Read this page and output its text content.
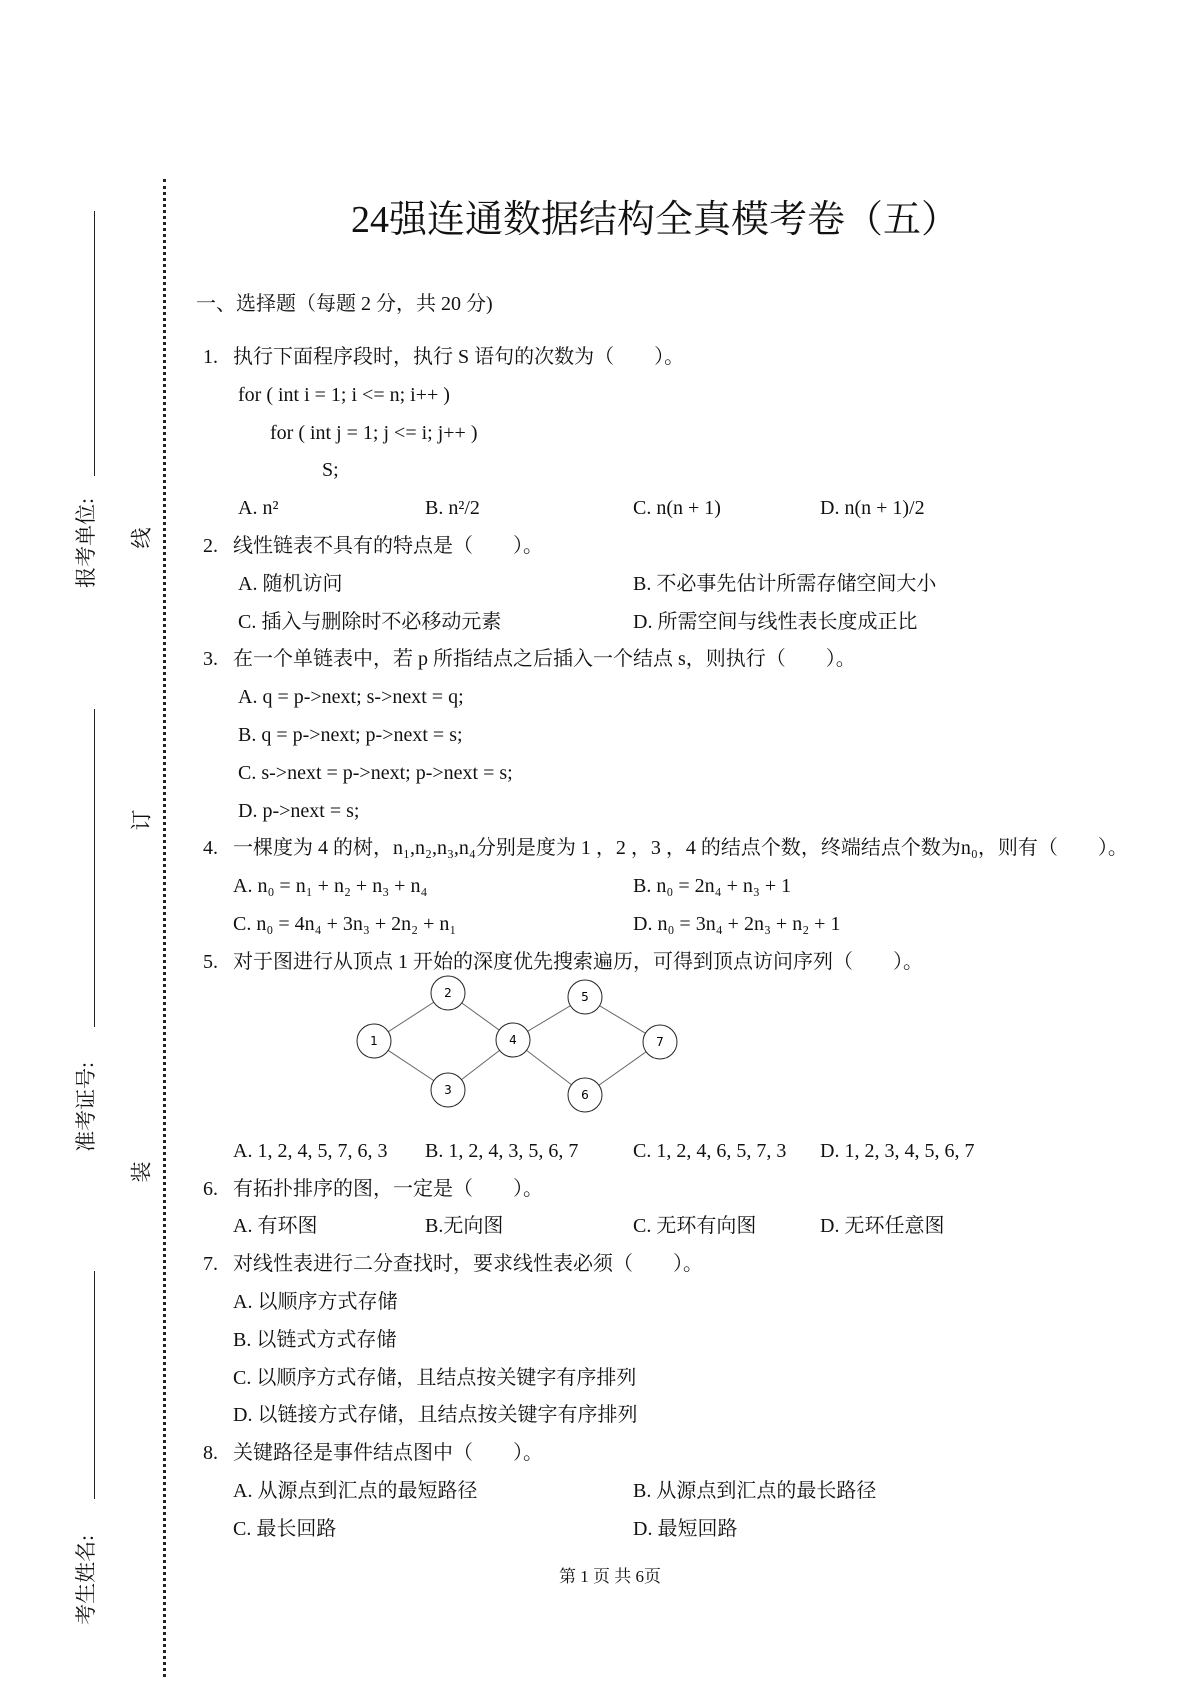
报考单位:
准考证号:
考生姓名:
线
订
装
24强连通数据结构全真模考卷（五）
一、选择题（每题 2 分，共 20 分)
1. 执行下面程序段时，执行 S 语句的次数为（　　）。
for ( int i = 1; i <= n; i++ )
for ( int j = 1; j <= i; j++ )
S;
A. n²	B. n²/2	C. n(n + 1)	D. n(n + 1)/2
2. 线性链表不具有的特点是（　　）。
A. 随机访问	B. 不必事先估计所需存储空间大小
C. 插入与删除时不必移动元素	D. 所需空间与线性表长度成正比
3. 在一个单链表中，若 p 所指结点之后插入一个结点 s，则执行（　　）。
A. q = p->next; s->next = q;
B. q = p->next; p->next = s;
C. s->next = p->next; p->next = s;
D. p->next = s;
4. 一棵度为 4 的树，n₁,n₂,n₃,n₄分别是度为 1 ，2 ，3 ，4 的结点个数，终端结点个数为n₀，则有（　　）。
A. n₀ = n₁ + n₂ + n₃ + n₄	B. n₀ = 2n₄ + n₃ + 1
C. n₀ = 4n₄ + 3n₃ + 2n₂ + n₁	D. n₀ = 3n₄ + 2n₃ + n₂ + 1
5. 对于图进行从顶点 1 开始的深度优先搜索遍历，可得到顶点访问序列（　　）。
A. 1, 2, 4, 5, 7, 6, 3 B. 1, 2, 4, 3, 5, 6, 7	C. 1, 2, 4, 6, 5, 7, 3 D. 1, 2, 3, 4, 5, 6, 7
6. 有拓扑排序的图，一定是（　　）。
A. 有环图	B.无向图	C. 无环有向图	D. 无环任意图
7. 对线性表进行二分查找时，要求线性表必须（　　）。
A. 以顺序方式存储
B. 以链式方式存储
C. 以顺序方式存储，且结点按关键字有序排列
D. 以链接方式存储，且结点按关键字有序排列
8. 关键路径是事件结点图中（　　）。
A. 从源点到汇点的最短路径	B. 从源点到汇点的最长路径
C. 最长回路	D. 最短回路
1
2
3
4
5
6
7
第 1 页 共 6页
